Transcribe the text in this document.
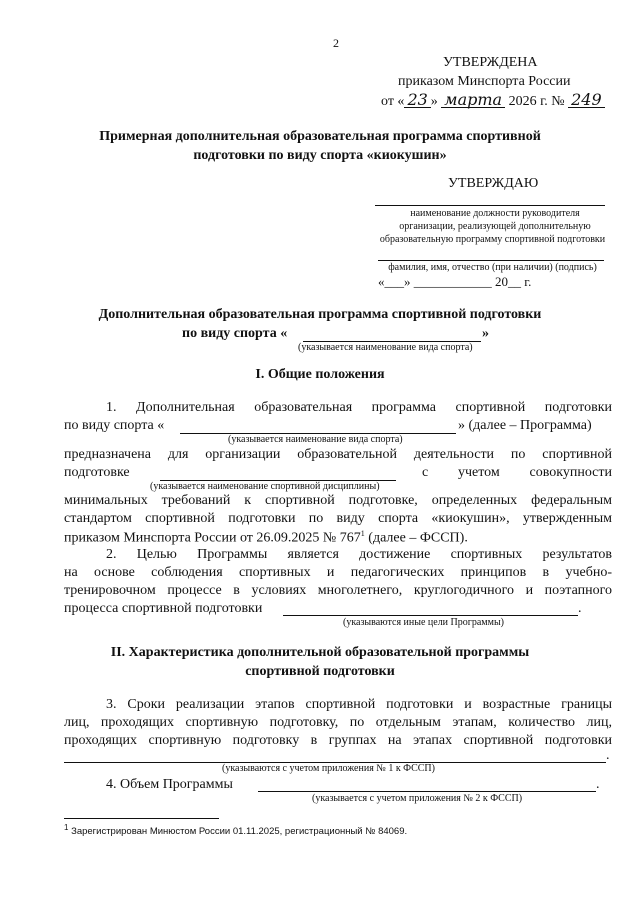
2
УТВЕРЖДЕНА
приказом Минспорта России
от « 23 » марта 2026 г. № 249
Примерная дополнительная образовательная программа спортивной
подготовки по виду спорта «киокушин»
УТВЕРЖДАЮ
наименование должности руководителя
организации, реализующей дополнительную
образовательную программу спортивной подготовки
фамилия, имя, отчество (при наличии) (подпись)
«___» ____________ 20__ г.
Дополнительная образовательная программа спортивной подготовки
по виду спорта «	»
(указывается наименование вида спорта)
I. Общие положения
1. Дополнительная образовательная программа спортивной подготовки
по виду спорта «	» (далее – Программа)
(указывается наименование вида спорта)
предназначена для организации образовательной деятельности по спортивной
подготовке	с учетом совокупности
(указывается наименование спортивной дисциплины)
минимальных требований к спортивной подготовке, определенных федеральным
стандартом спортивной подготовки по виду спорта «киокушин», утвержденным
приказом Минспорта России от 26.09.2025 № $767^1$ (далее – ФССП).
2. Целью Программы является достижение спортивных результатов
на основе соблюдения спортивных и педагогических принципов в учебно-
тренировочном процессе в условиях многолетнего, круглогодичного и поэтапного
процесса спортивной подготовки	.
(указываются иные цели Программы)
II. Характеристика дополнительной образовательной программы
спортивной подготовки
3. Сроки реализации этапов спортивной подготовки и возрастные границы
лиц, проходящих спортивную подготовку, по отдельным этапам, количество лиц,
проходящих спортивную подготовку в группах на этапах спортивной подготовки
.
(указываются с учетом приложения № 1 к ФССП)
4. Объем Программы	.
(указывается с учетом приложения № 2 к ФССП)
$^1$ Зарегистрирован Минюстом России 01.11.2025, регистрационный № 84069.
